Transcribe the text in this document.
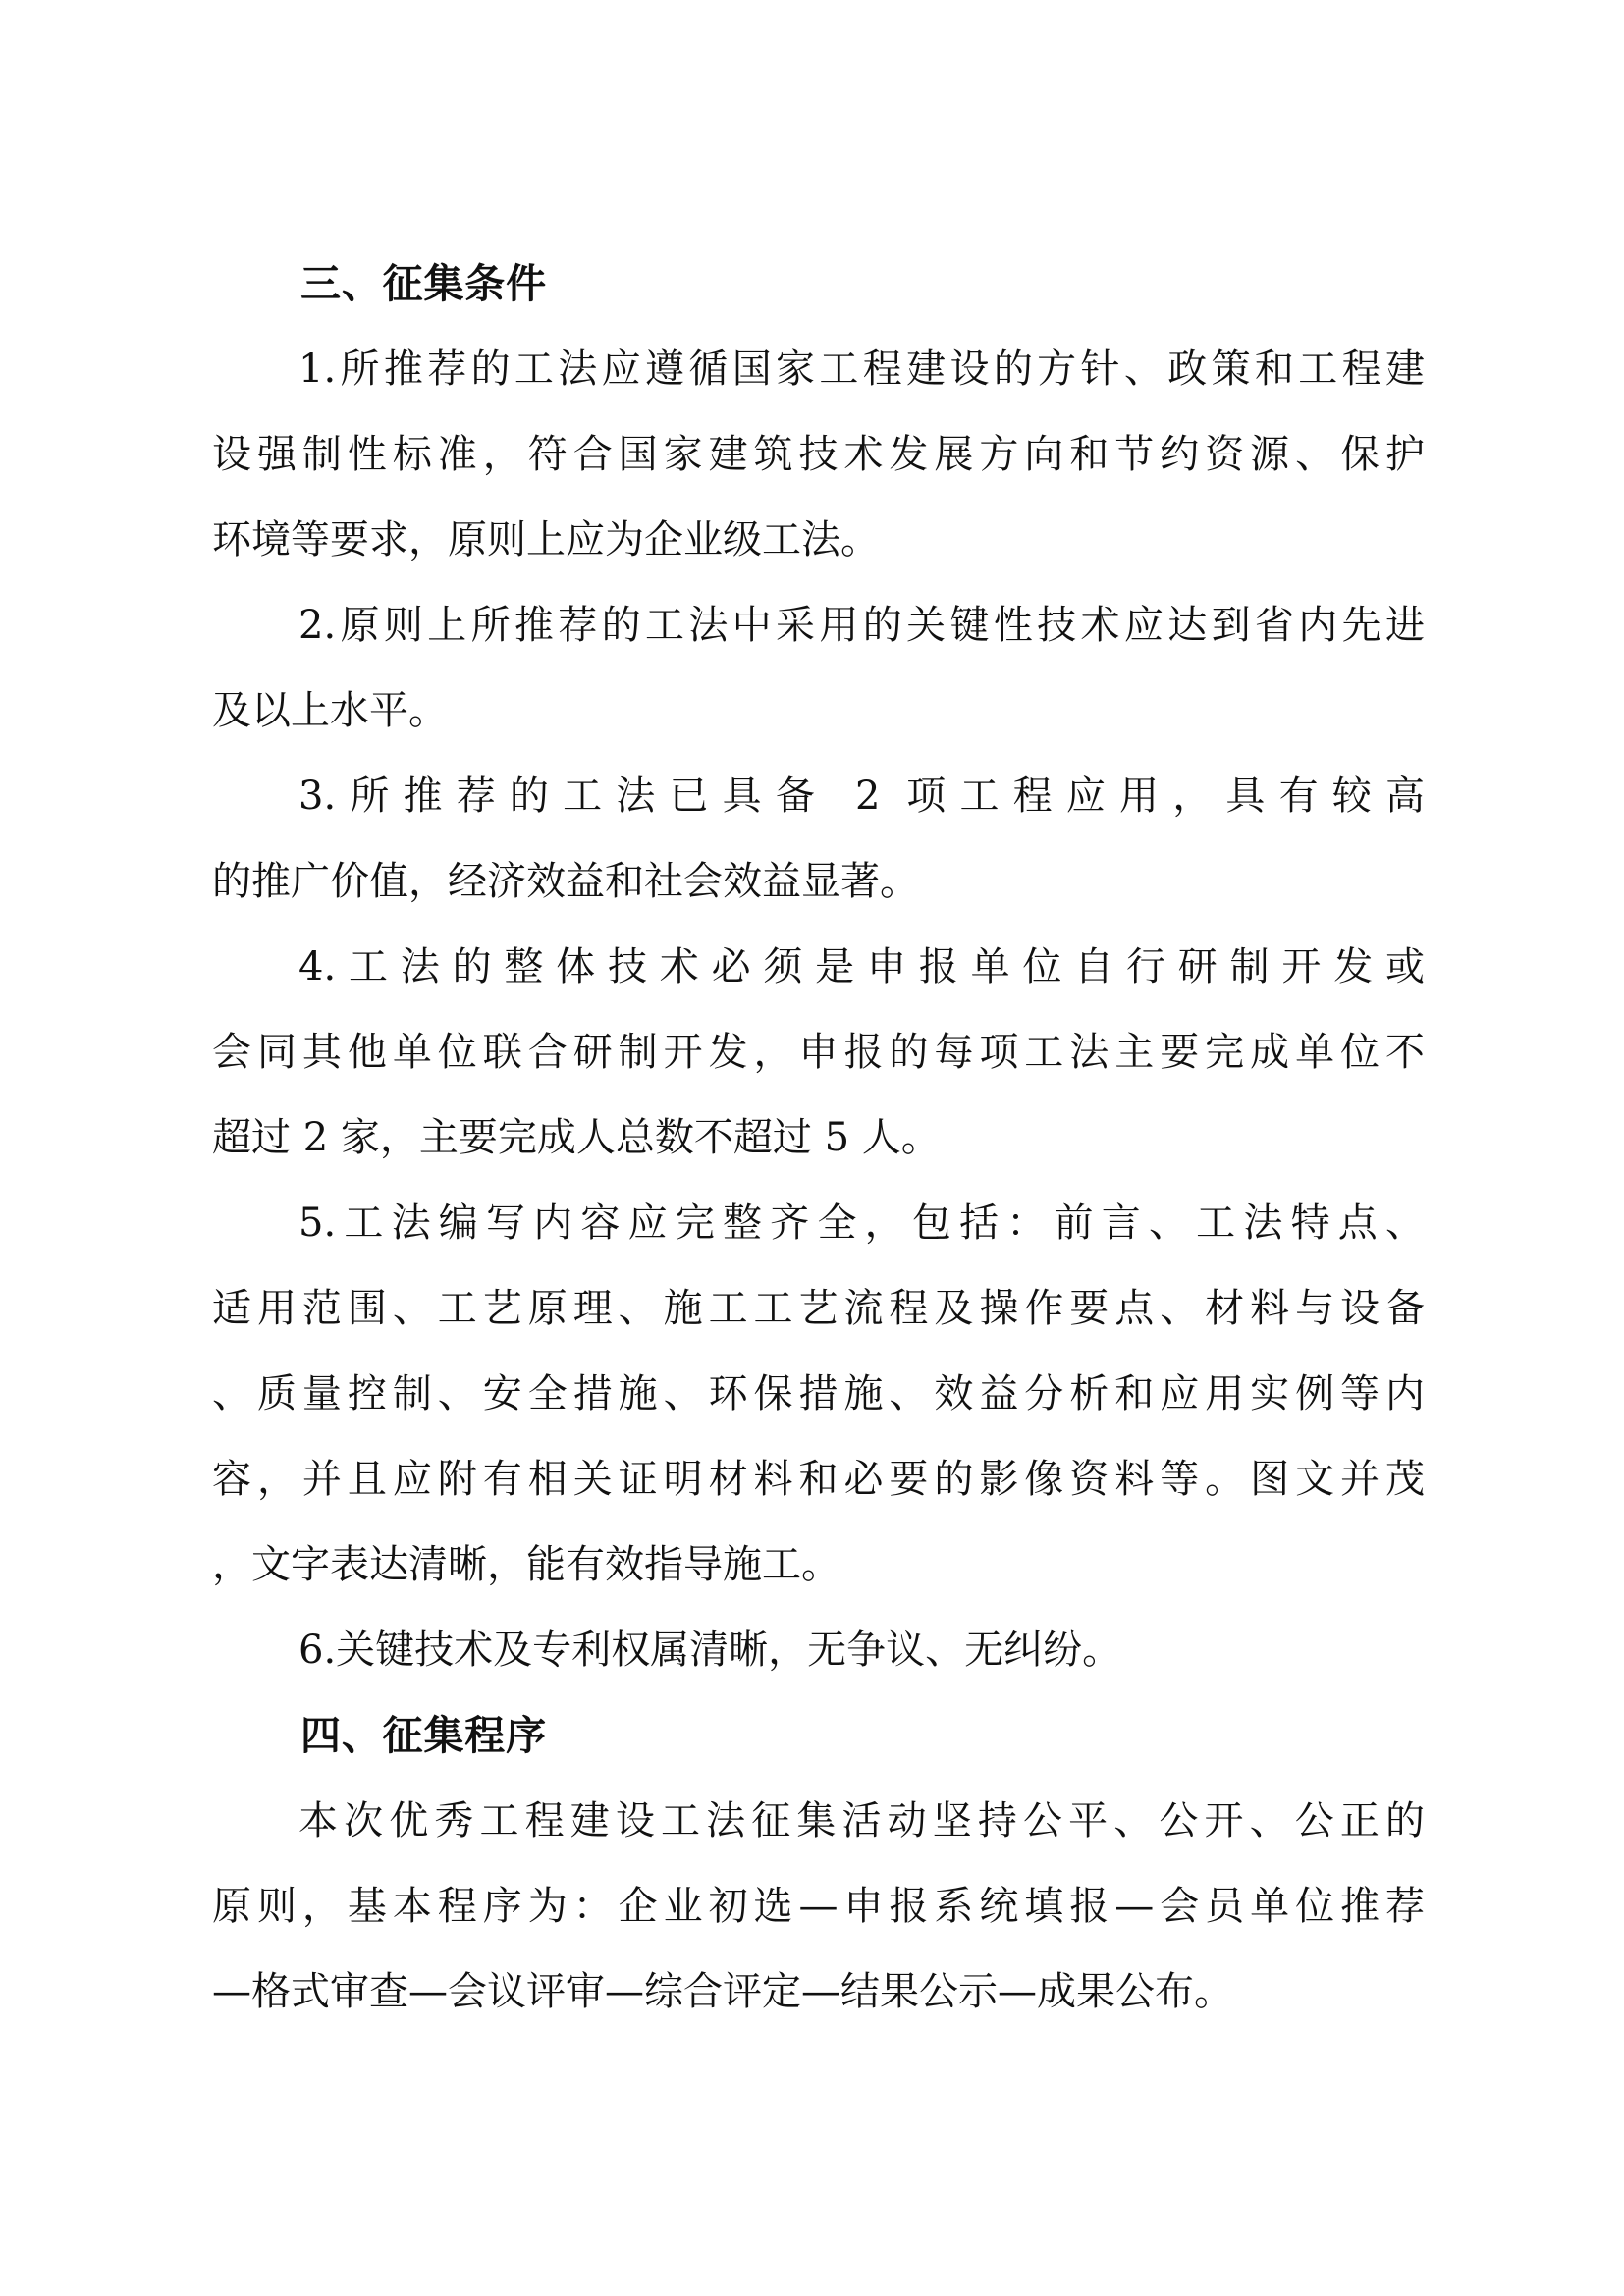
三、征集条件

1.所推荐的工法应遵循国家工程建设的方针、政策和工程建
设强制性标准，符合国家建筑技术发展方向和节约资源、保护
环境等要求，原则上应为企业级工法。

2.原则上所推荐的工法中采用的关键性技术应达到省内先进
及以上水平。

3.所推荐的工法已具备 2 项工程应用，具有较高
的推广价值，经济效益和社会效益显著。

4.工法的整体技术必须是申报单位自行研制开发或
会同其他单位联合研制开发，申报的每项工法主要完成单位不
超过 2 家，主要完成人总数不超过 5 人。

5.工法编写内容应完整齐全，包括：前言、工法特点、
适用范围、工艺原理、施工工艺流程及操作要点、材料与设备
、质量控制、安全措施、环保措施、效益分析和应用实例等内
容，并且应附有相关证明材料和必要的影像资料等。图文并茂
，文字表达清晰，能有效指导施工。

6.关键技术及专利权属清晰，无争议、无纠纷。

四、征集程序

本次优秀工程建设工法征集活动坚持公平、公开、公正的
原则，基本程序为：企业初选—申报系统填报—会员单位推荐
—格式审查—会议评审—综合评定—结果公示—成果公布。
